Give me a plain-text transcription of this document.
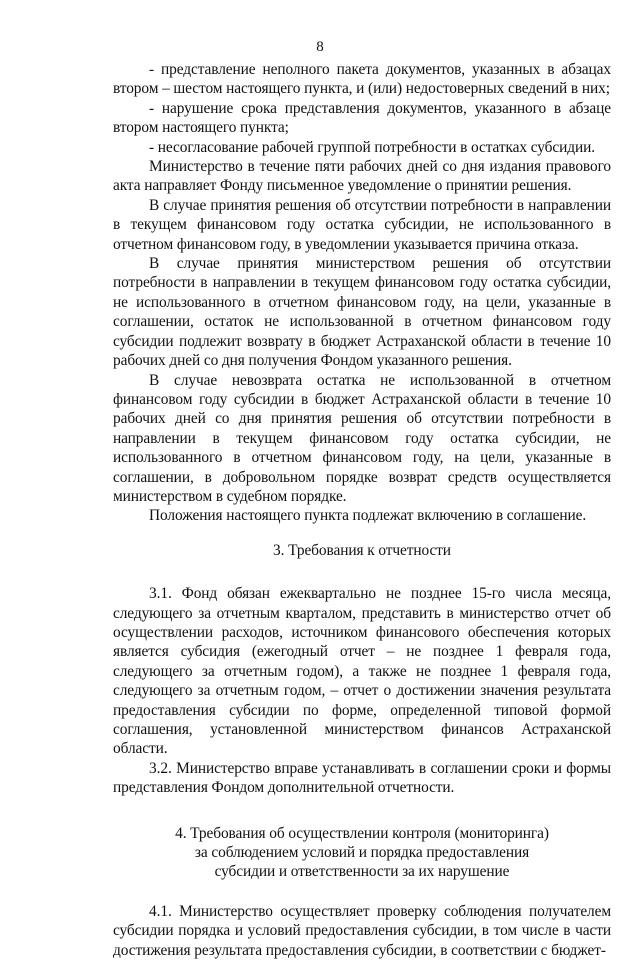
8

- представление неполного пакета документов, указанных в абзацах втором – шестом настоящего пункта, и (или) недостоверных сведений в них;

- нарушение срока представления документов, указанного в абзаце втором настоящего пункта;

- несогласование рабочей группой потребности в остатках субсидии.

Министерство в течение пяти рабочих дней со дня издания правового акта направляет Фонду письменное уведомление о принятии решения.

В случае принятия решения об отсутствии потребности в направлении в текущем финансовом году остатка субсидии, не использованного в отчетном финансовом году, в уведомлении указывается причина отказа.

В случае принятия министерством решения об отсутствии потребности в направлении в текущем финансовом году остатка субсидии, не использованного в отчетном финансовом году, на цели, указанные в соглашении, остаток не использованной в отчетном финансовом году субсидии подлежит возврату в бюджет Астраханской области в течение 10 рабочих дней со дня получения Фондом указанного решения.

В случае невозврата остатка не использованной в отчетном финансовом году субсидии в бюджет Астраханской области в течение 10 рабочих дней со дня принятия решения об отсутствии потребности в направлении в текущем финансовом году остатка субсидии, не использованного в отчетном финансовом году, на цели, указанные в соглашении, в добровольном порядке возврат средств осуществляется министерством в судебном порядке.

Положения настоящего пункта подлежат включению в соглашение.

3. Требования к отчетности

3.1. Фонд обязан ежеквартально не позднее 15-го числа месяца, следующего за отчетным кварталом, представить в министерство отчет об осуществлении расходов, источником финансового обеспечения которых является субсидия (ежегодный отчет – не позднее 1 февраля года, следующего за отчетным годом), а также не позднее 1 февраля года, следующего за отчетным годом, – отчет о достижении значения результата предоставления субсидии по форме, определенной типовой формой соглашения, установленной министерством финансов Астраханской области.

3.2. Министерство вправе устанавливать в соглашении сроки и формы представления Фондом дополнительной отчетности.

4. Требования об осуществлении контроля (мониторинга)
за соблюдением условий и порядка предоставления
субсидии и ответственности за их нарушение

4.1. Министерство осуществляет проверку соблюдения получателем субсидии порядка и условий предоставления субсидии, в том числе в части достижения результата предоставления субсидии, в соответствии с бюджет-
